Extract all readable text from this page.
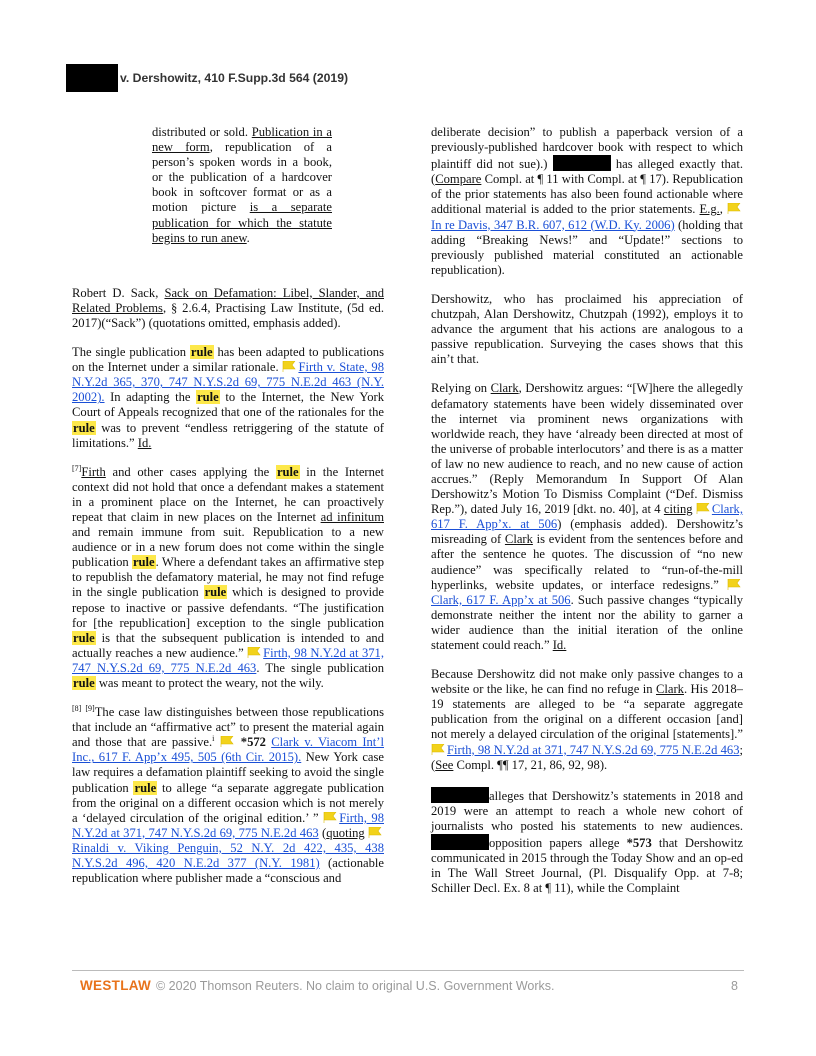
v. Dershowitz, 410 F.Supp.3d 564 (2019)

distributed or sold. Publication in a new form, republication of a person’s spoken words in a book, or the publication of a hardcover book in softcover format or as a motion picture is a separate publication for which the statute begins to run anew.

Robert D. Sack, Sack on Defamation: Libel, Slander, and Related Problems, § 2.6.4, Practising Law Institute, (5d ed. 2017)(“Sack”) (quotations omitted, emphasis added).

The single publication rule has been adapted to publications on the Internet under a similar rationale.
Firth v. State, 98 N.Y.2d 365, 370, 747 N.Y.S.2d 69, 775 N.E.2d 463 (N.Y. 2002). In adapting the rule to the Internet, the New York Court of Appeals recognized that one of the rationales for the rule was to prevent “endless retriggering of the statute of limitations.” Id.

[7]Firth and other cases applying the rule in the Internet context did not hold that once a defendant makes a statement in a prominent place on the Internet, he can proactively repeat that claim in new places on the Internet ad infinitum and remain immune from suit. Republication to a new audience or in a new forum does not come within the single publication rule. Where a defendant takes an affirmative step to republish the defamatory material, he may not find refuge in the single publication rule which is designed to provide repose to inactive or passive defendants. “The justification for [the republication] exception to the single publication rule is that the subsequent publication is intended to and actually reaches a new audience.”
Firth, 98 N.Y.2d at 371, 747 N.Y.S.2d 69, 775 N.E.2d 463. The single publication rule was meant to protect the weary, not the wily.

[8] [9]The case law distinguishes between those republications that include an “affirmative act” to present the material again and those that are passive.$^i$
*572 Clark v. Viacom Int’l Inc., 617 F. App’x 495, 505 (6th Cir. 2015). New York case law requires a defamation plaintiff seeking to avoid the single publication rule to allege “a separate aggregate publication from the original on a different occasion which is not merely a ‘delayed circulation of the original edition.’ ”
Firth, 98 N.Y.2d at 371, 747 N.Y.S.2d 69, 775 N.E.2d 463 (quoting
Rinaldi v. Viking Penguin, 52 N.Y. 2d 422, 435, 438 N.Y.S.2d 496, 420 N.E.2d 377 (N.Y. 1981) (actionable republication where publisher made a “conscious and

deliberate decision” to publish a paperback version of a previously-published hardcover book with respect to which plaintiff did not sue).)	has alleged exactly that. (Compare Compl. at ¶ 11 with Compl. at ¶ 17). Republication of the prior statements has also been found actionable where additional material is added to the prior statements. E.g.,
In re Davis, 347 B.R. 607, 612 (W.D. Ky. 2006) (holding that adding “Breaking News!” and “Update!” sections to previously published material constituted an actionable republication).

Dershowitz, who has proclaimed his appreciation of chutzpah, Alan Dershowitz, Chutzpah (1992), employs it to advance the argument that his actions are analogous to a passive republication. Surveying the cases shows that this ain’t that.

Relying on Clark, Dershowitz argues: “[W]here the allegedly defamatory statements have been widely disseminated over the internet via prominent news organizations with worldwide reach, they have ‘already been directed at most of the universe of probable interlocutors’ and there is as a matter of law no new audience to reach, and no new cause of action accrues.” (Reply Memorandum In Support Of Alan Dershowitz’s Motion To Dismiss Complaint (“Def. Dismiss Rep.”), dated July 16, 2019 [dkt. no. 40], at 4 citing Clark, 617 F. App’x. at 506) (emphasis added). Dershowitz’s misreading of Clark is evident from the sentences before and after the sentence he quotes. The discussion of “no new audience” was specifically related to “run-of-the-mill hyperlinks, website updates, or interface redesigns.”
Clark, 617 F. App’x at 506. Such passive changes “typically demonstrate neither the intent nor the ability to garner a wider audience than the initial iteration of the online statement could reach.” Id.

Because Dershowitz did not make only passive changes to a website or the like, he can find no refuge in Clark. His 2018–19 statements are alleged to be “a separate aggregate publication from the original on a different occasion [and] not merely a delayed circulation of the original [statements].”
Firth, 98 N.Y.2d at 371, 747 N.Y.S.2d 69, 775 N.E.2d 463; (See Compl. ¶¶ 17, 21, 86, 92, 98).

alleges that Dershowitz’s statements in 2018 and 2019 were an attempt to reach a whole new cohort of journalists who posted his statements to new audiences. opposition papers allege *573 that Dershowitz communicated in 2015 through the Today Show and an op-ed in The Wall Street Journal, (Pl. Disqualify Opp. at 7-8; Schiller Decl. Ex. 8 at ¶ 11), while the Complaint

WESTLAW © 2020 Thomson Reuters. No claim to original U.S. Government Works.	8
